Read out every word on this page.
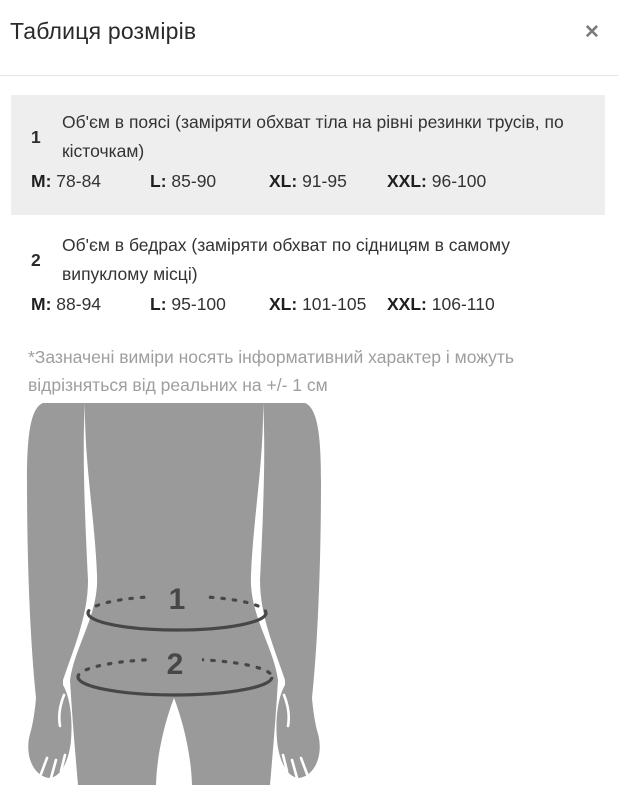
Таблиця розмірів	✕
1
Об'єм в поясі (заміряти обхват тіла на рівні резинки трусів, по
кісточкам)
M: 78-84	L: 85-90	XL: 91-95	XXL: 96-100
2
Об'єм в бедрах (заміряти обхват по сідницям в самому
випуклому місці)
M: 88-94	L: 95-100	XL: 101-105	XXL: 106-110
*Зазначені виміри носять інформативний характер і можуть
відрізняться від реальних на +/- 1 см
1
2
